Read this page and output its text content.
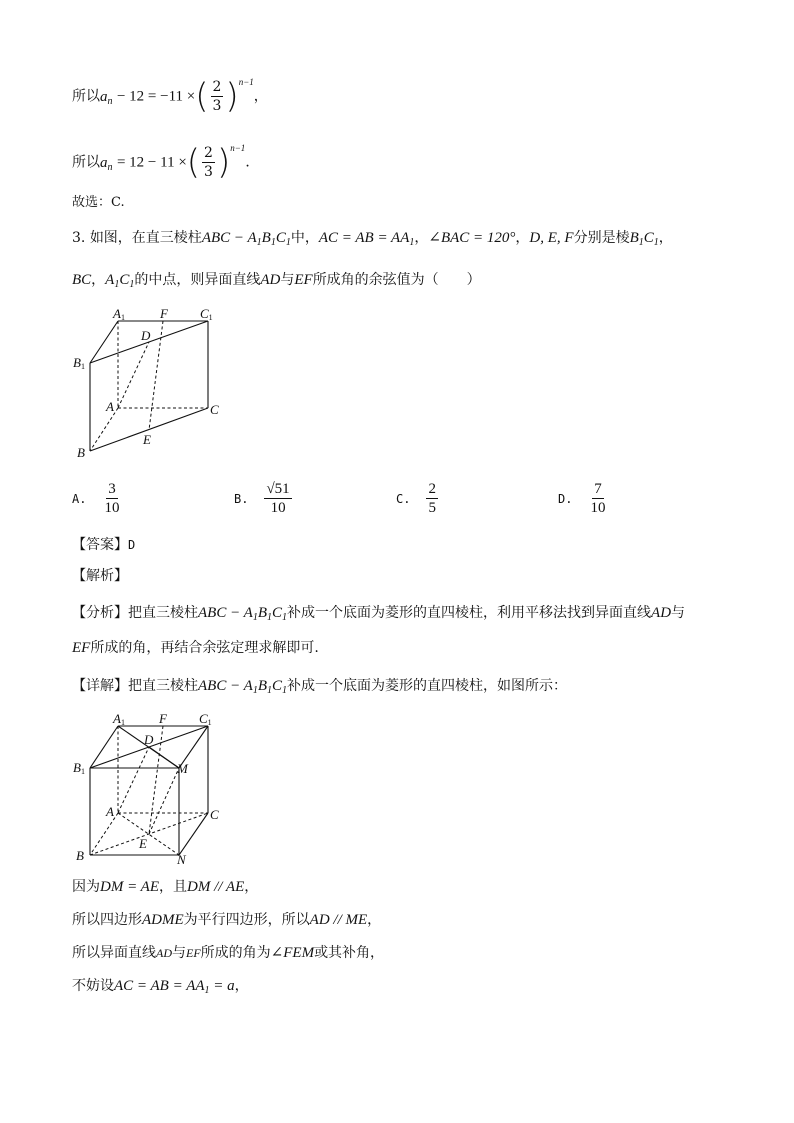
所以$a_n - 12 = -11$ ×( $\frac{2}{3} )^{n-1}$，
所以$a_n = 12 - 11$ ×( $\frac{2}{3} )^{n-1}$．
故选：C.
3. 如图，在直三棱柱ABC − $A_1B_1C_1$中，AC = AB = $AA_1$，∠BAC = 120°，D, E, F分别是棱$B_1C_1$，
BC，$A_1C_1$的中点，则异面直线AD与EF所成角的余弦值为（　　）
A1	F C1
D
B1
A	C
E
B
A. $\frac{3}{10}$	B. $\frac{√51}{10}$	C. $\frac{2}{5}$	D. $\frac{7}{10}$
【答案】D
【解析】
【分析】把直三棱柱ABC − $A_1B_1C_1$补成一个底面为菱形的直四棱柱，利用平移法找到异面直线AD与
EF所成的角，再结合余弦定理求解即可.
【详解】把直三棱柱ABC − $A_1B_1C_1$补成一个底面为菱形的直四棱柱，如图所示：
A1	F C1
D
B1	M
A	C
E
B	N
因为DM = AE，且DM // AE，
所以四边形ADME为平行四边形，所以AD // ME，
所以异面直线AD与EF所成的角为∠FEM或其补角，
不妨设AC = AB = $AA_1 = a$，
